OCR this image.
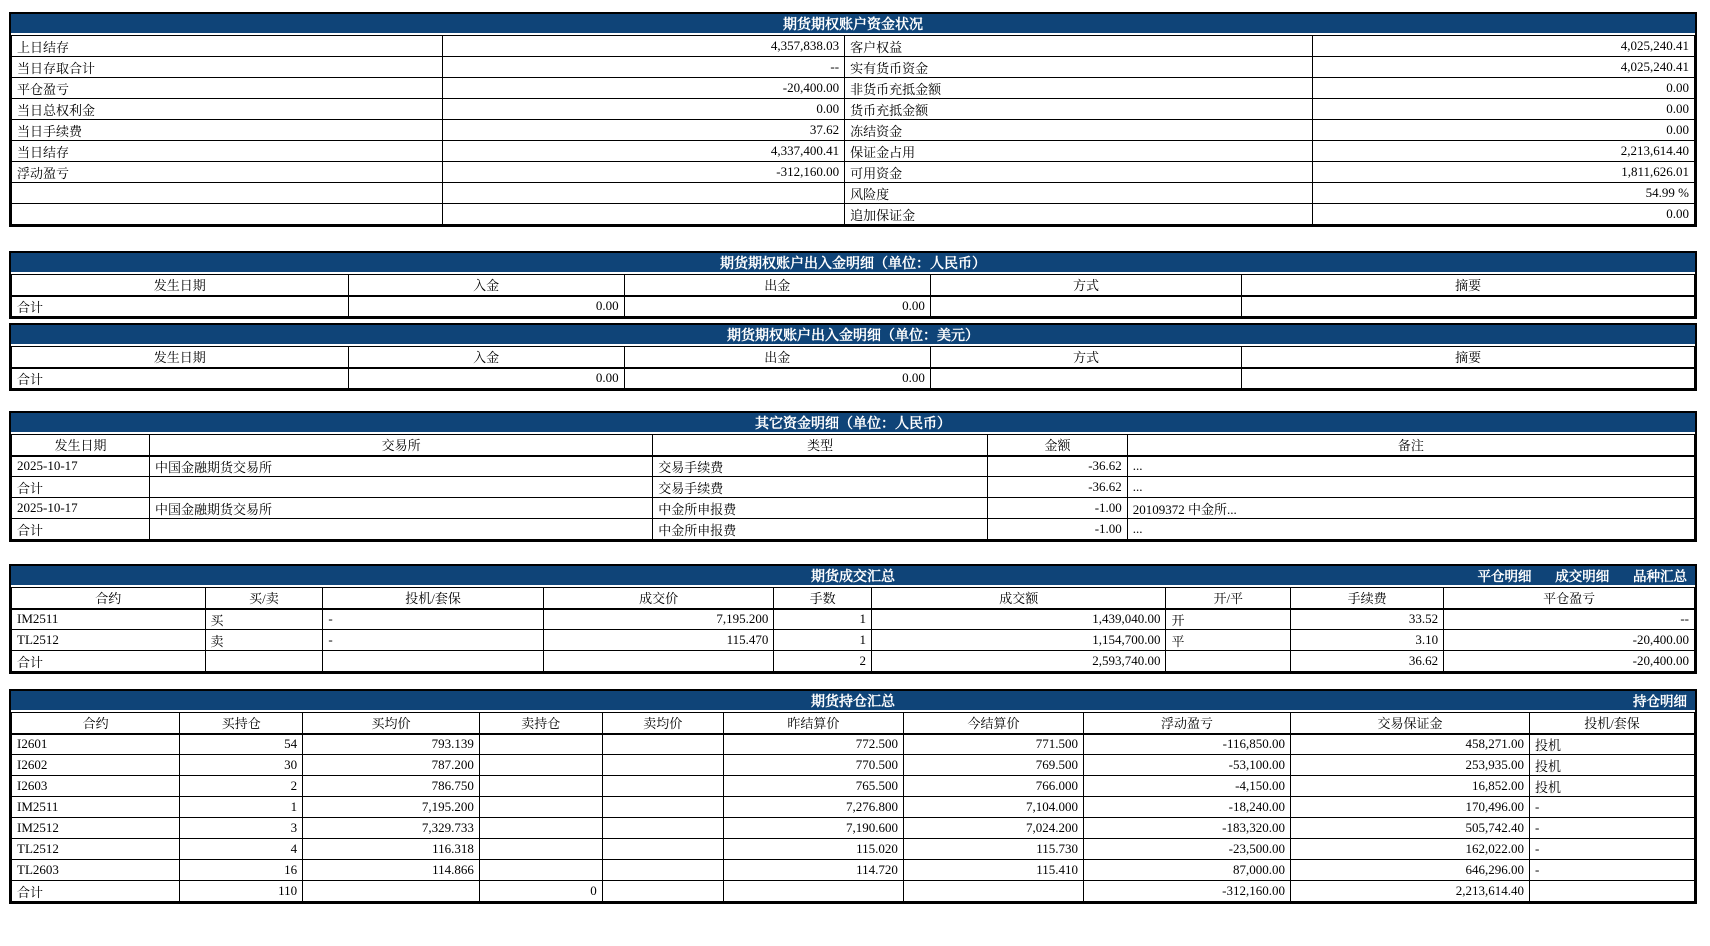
期货期权账户资金状况
上日结存	4,357,838.03	客户权益	4,025,240.41
当日存取合计	--	实有货币资金	4,025,240.41
平仓盈亏	-20,400.00	非货币充抵金额	0.00
当日总权利金	0.00	货币充抵金额	0.00
当日手续费	37.62	冻结资金	0.00
当日结存	4,337,400.41	保证金占用	2,213,614.40
浮动盈亏	-312,160.00	可用资金	1,811,626.01
		风险度	54.99 %
		追加保证金	0.00
期货期权账户出入金明细（单位：人民币）
发生日期	入金	出金	方式	摘要
合计	0.00	0.00		
期货期权账户出入金明细（单位：美元）
发生日期	入金	出金	方式	摘要
合计	0.00	0.00		
其它资金明细（单位：人民币）
发生日期	交易所	类型	金额	备注
2025-10-17	中国金融期货交易所	交易手续费	-36.62	...
合计		交易手续费	-36.62	...
2025-10-17	中国金融期货交易所	中金所申报费	-1.00	20109372 中金所...
合计		中金所申报费	-1.00	...
期货成交汇总	平仓明细 成交明细 品种汇总
合约	买/卖	投机/套保	成交价	手数	成交额	开/平	手续费	平仓盈亏
IM2511	买	-	7,195.200	1	1,439,040.00	开	33.52	--
TL2512	卖	-	115.470	1	1,154,700.00	平	3.10	-20,400.00
合计				2	2,593,740.00		36.62	-20,400.00
期货持仓汇总	持仓明细
合约	买持仓	买均价	卖持仓	卖均价	昨结算价	今结算价	浮动盈亏	交易保证金	投机/套保
I2601	54	793.139			772.500	771.500	-116,850.00	458,271.00	投机
I2602	30	787.200			770.500	769.500	-53,100.00	253,935.00	投机
I2603	2	786.750			765.500	766.000	-4,150.00	16,852.00	投机
IM2511	1	7,195.200			7,276.800	7,104.000	-18,240.00	170,496.00	-
IM2512	3	7,329.733			7,190.600	7,024.200	-183,320.00	505,742.40	-
TL2512	4	116.318			115.020	115.730	-23,500.00	162,022.00	-
TL2603	16	114.866			114.720	115.410	87,000.00	646,296.00	-
合计	110		0				-312,160.00	2,213,614.40	
